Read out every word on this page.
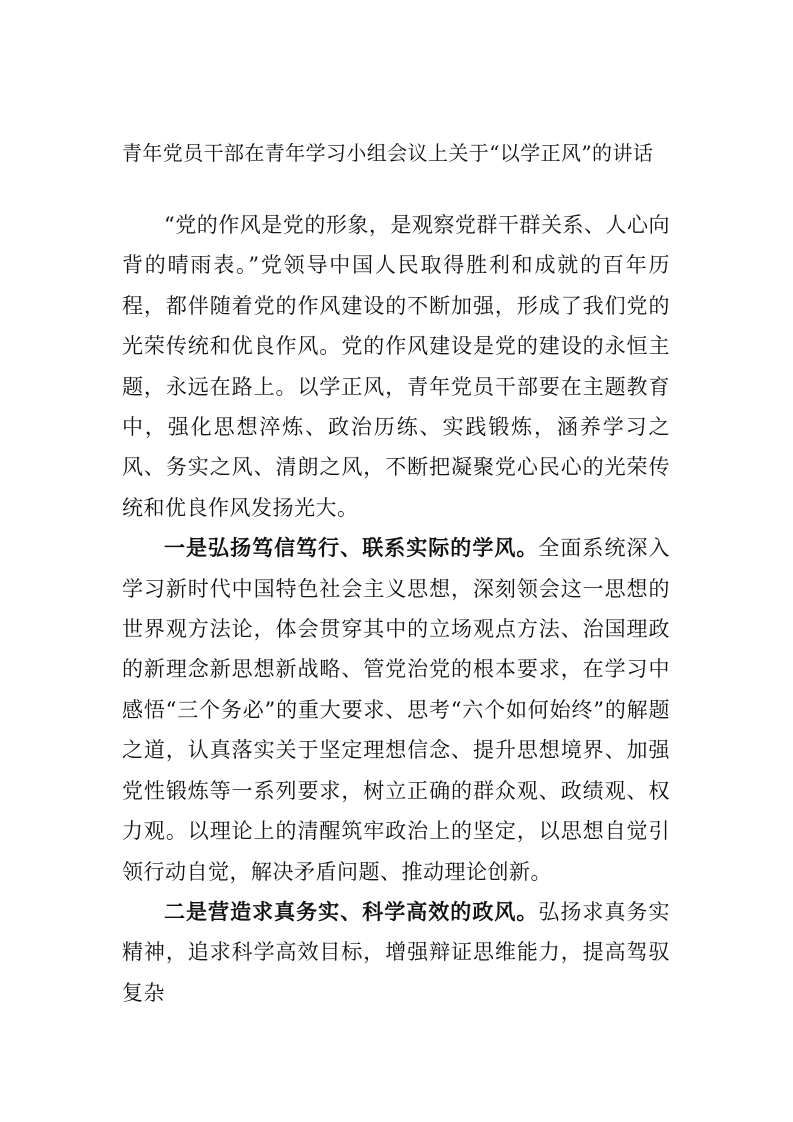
青年党员干部在青年学习小组会议上关于“以学正风”的讲话

“党的作风是党的形象，是观察党群干群关系、人心向背的晴雨表。”党领导中国人民取得胜利和成就的百年历程，都伴随着党的作风建设的不断加强，形成了我们党的光荣传统和优良作风。党的作风建设是党的建设的永恒主题，永远在路上。以学正风，青年党员干部要在主题教育中，强化思想淬炼、政治历练、实践锻炼，涵养学习之风、务实之风、清朗之风，不断把凝聚党心民心的光荣传统和优良作风发扬光大。

一是弘扬笃信笃行、联系实际的学风。全面系统深入学习新时代中国特色社会主义思想，深刻领会这一思想的世界观方法论，体会贯穿其中的立场观点方法、治国理政的新理念新思想新战略、管党治党的根本要求，在学习中感悟“三个务必”的重大要求、思考“六个如何始终”的解题之道，认真落实关于坚定理想信念、提升思想境界、加强党性锻炼等一系列要求，树立正确的群众观、政绩观、权力观。以理论上的清醒筑牢政治上的坚定，以思想自觉引领行动自觉，解决矛盾问题、推动理论创新。

二是营造求真务实、科学高效的政风。弘扬求真务实精神，追求科学高效目标，增强辩证思维能力，提高驾驭复杂
